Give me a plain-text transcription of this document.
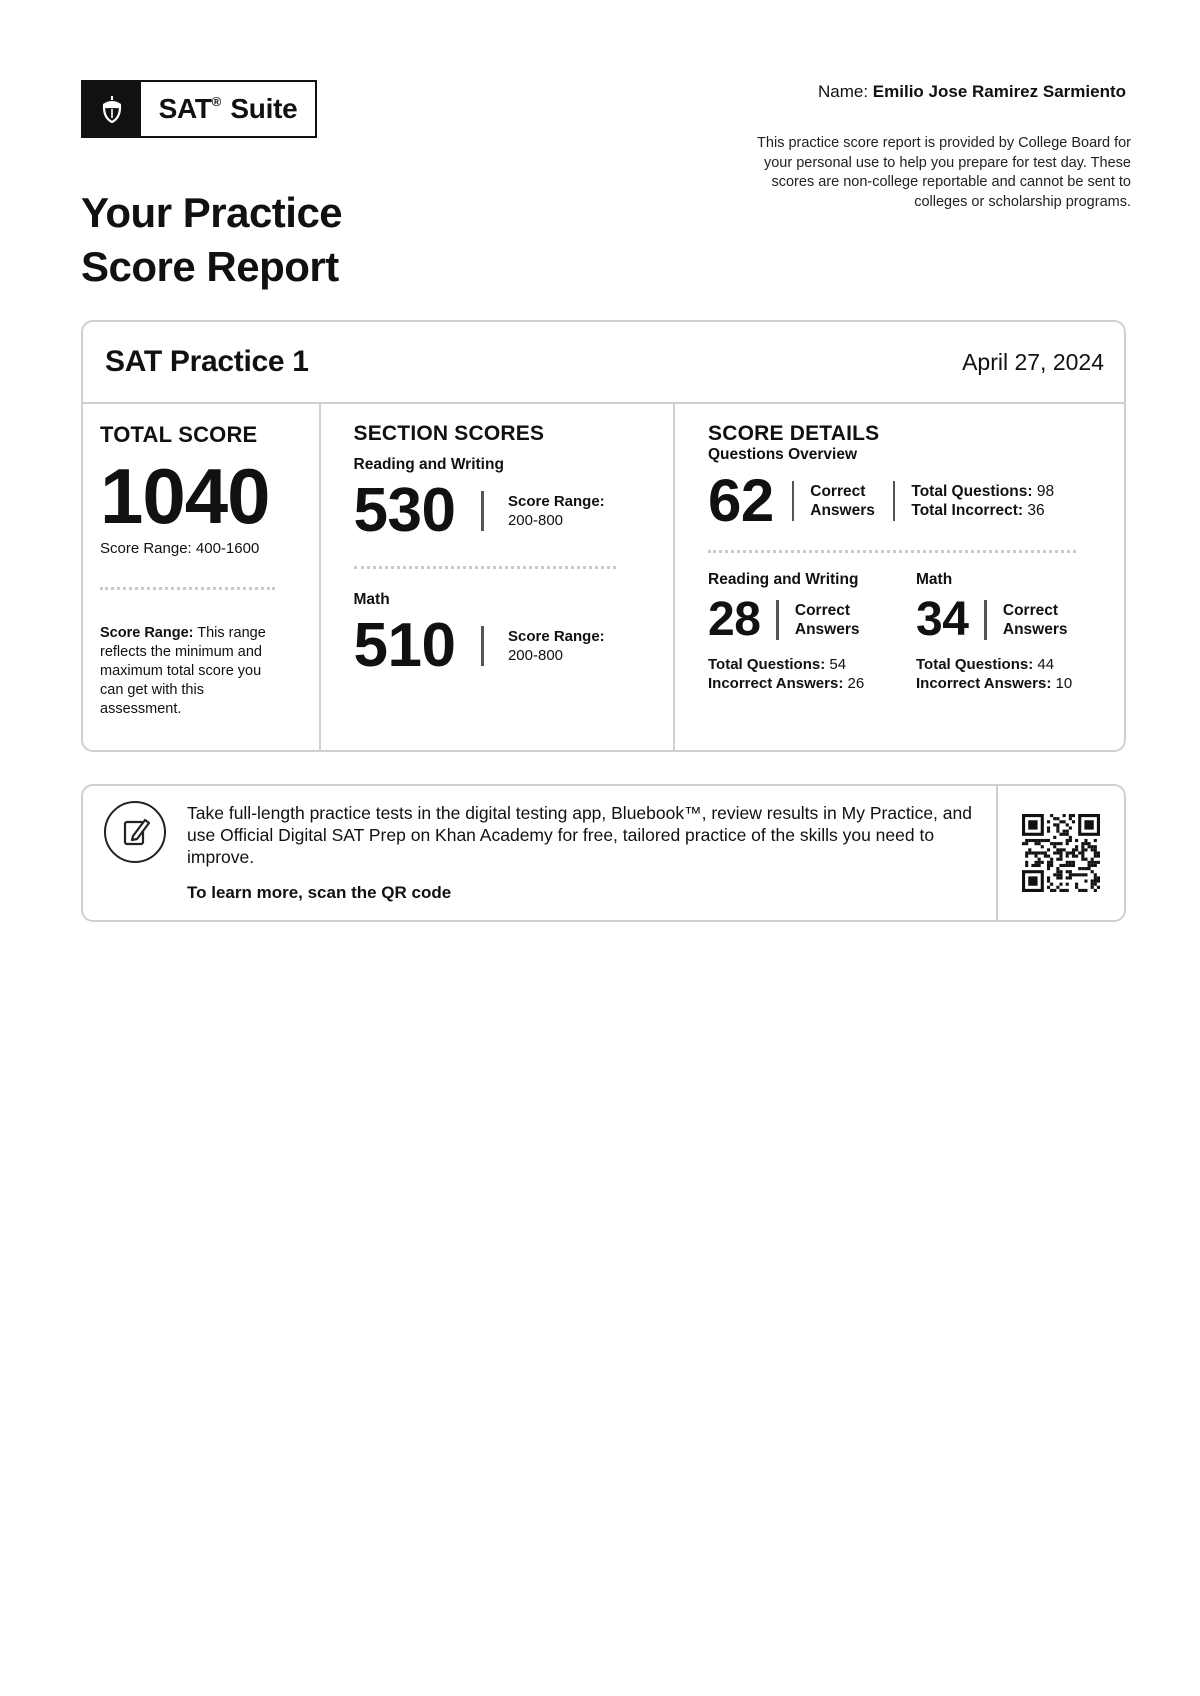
SAT ®
Suite
Your Practice
Score Report
Name: Emilio Jose Ramirez Sarmiento
This practice score report is provided by College Board for your personal use to help you prepare for test day. These scores are non-college reportable and cannot be sent to colleges or scholarship programs.
SAT Practice 1	April 27, 2024
TOTAL SCORE
1040
Score Range: 400-1600
Score Range: This range reflects the minimum and maximum total score you can get with this assessment.
SECTION SCORES
Reading and Writing
530	Score Range:
200-800
Math
510	Score Range:
200-800
SCORE DETAILS
Questions Overview
62 Correct
Answers
Total Questions: 98
Total Incorrect: 36
Reading and Writing
28 Correct
Answers
Total Questions: 54
Incorrect Answers: 26
Math
34 Correct
Answers
Total Questions: 44
Incorrect Answers: 10
Take full-length practice tests in the digital testing app, Bluebook™, review results in My Practice, and use Official Digital SAT Prep on Khan Academy for free, tailored practice of the skills you need to improve.
To learn more, scan the QR code
